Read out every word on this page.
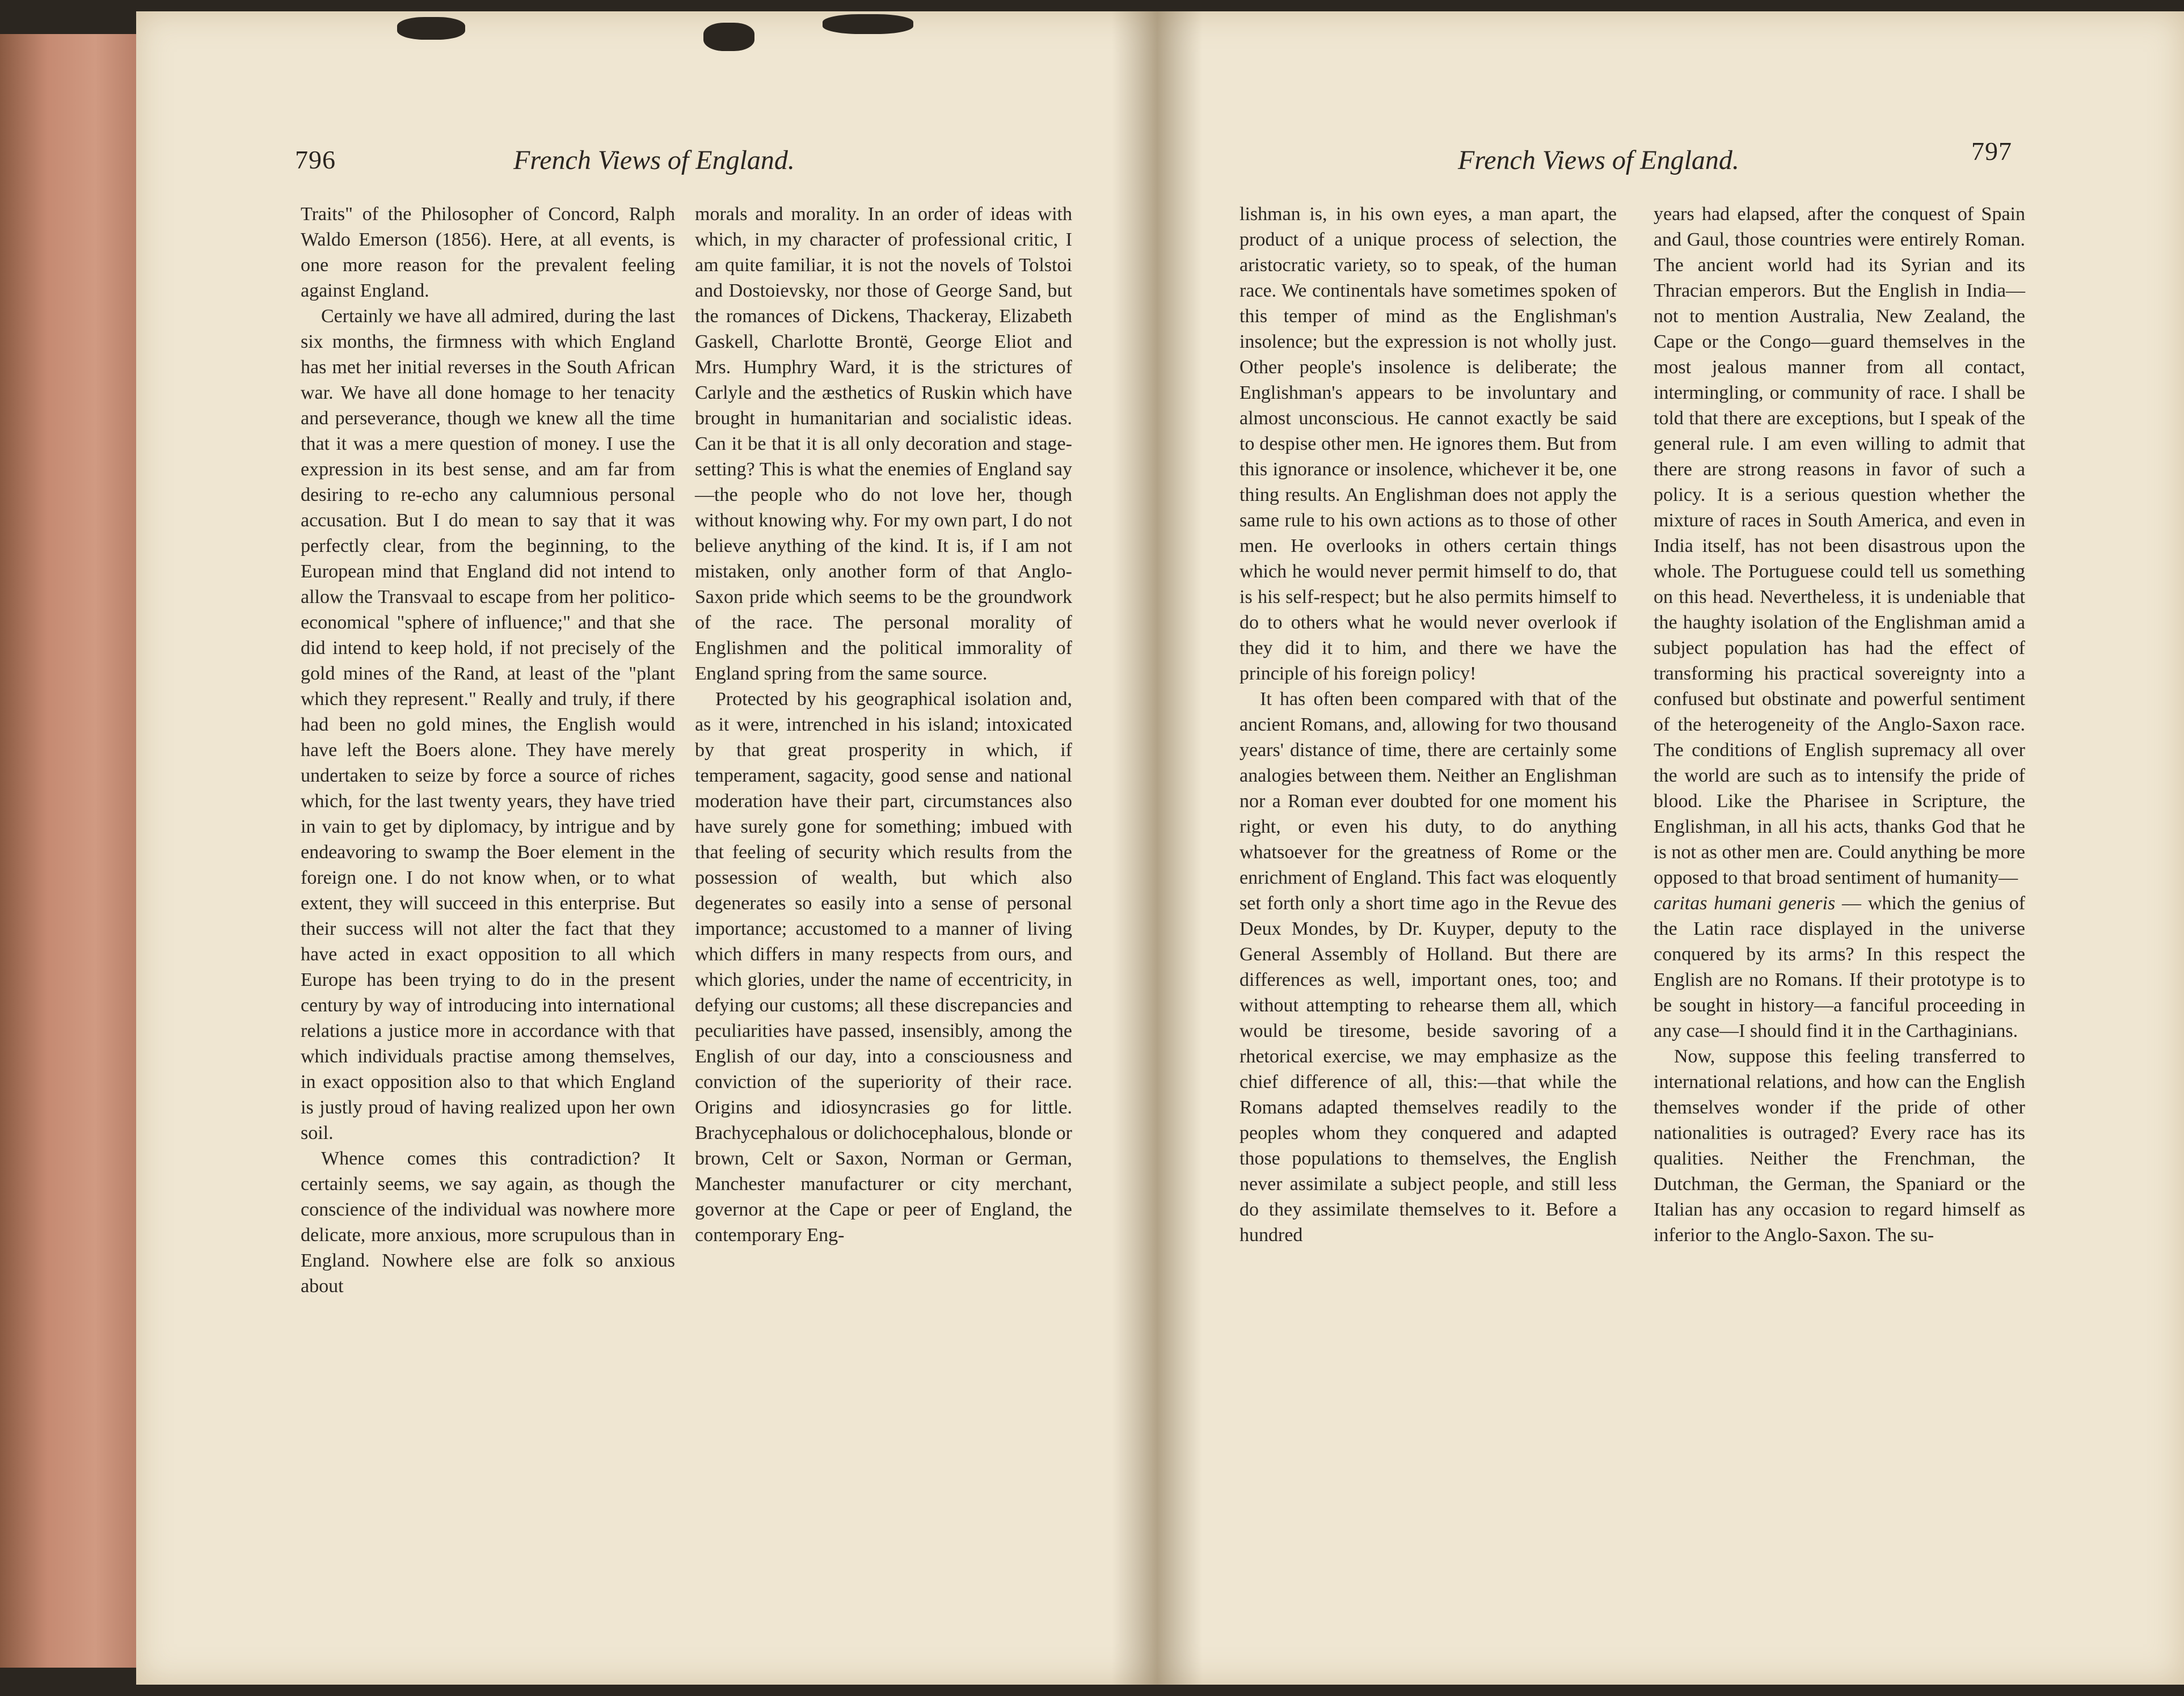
796	French Views of England.	French Views of England.	797

Traits" of the Philosopher of Concord, Ralph Waldo Emerson (1856). Here, at all events, is one more reason for the prevalent feeling against England.

Certainly we have all admired, during the last six months, the firmness with which England has met her initial reverses in the South African war. We have all done homage to her tenacity and perseverance, though we knew all the time that it was a mere question of money. I use the expression in its best sense, and am far from desiring to re-echo any calumnious personal accusation. But I do mean to say that it was perfectly clear, from the beginning, to the European mind that England did not intend to allow the Transvaal to escape from her politico-economical "sphere of influence;" and that she did intend to keep hold, if not precisely of the gold mines of the Rand, at least of the "plant which they represent." Really and truly, if there had been no gold mines, the English would have left the Boers alone. They have merely undertaken to seize by force a source of riches which, for the last twenty years, they have tried in vain to get by diplomacy, by intrigue and by endeavoring to swamp the Boer element in the foreign one. I do not know when, or to what extent, they will succeed in this enterprise. But their success will not alter the fact that they have acted in exact opposition to all which Europe has been trying to do in the present century by way of introducing into international relations a justice more in accordance with that which individuals practise among themselves, in exact opposition also to that which England is justly proud of having realized upon her own soil.

Whence comes this contradiction? It certainly seems, we say again, as though the conscience of the individual was nowhere more delicate, more anxious, more scrupulous than in England. Nowhere else are folk so anxious about

morals and morality. In an order of ideas with which, in my character of professional critic, I am quite familiar, it is not the novels of Tolstoi and Dostoievsky, nor those of George Sand, but the romances of Dickens, Thackeray, Elizabeth Gaskell, Charlotte Brontë, George Eliot and Mrs. Humphry Ward, it is the strictures of Carlyle and the æsthetics of Ruskin which have brought in humanitarian and socialistic ideas. Can it be that it is all only decoration and stage-setting? This is what the enemies of England say—the people who do not love her, though without knowing why. For my own part, I do not believe anything of the kind. It is, if I am not mistaken, only another form of that Anglo-Saxon pride which seems to be the groundwork of the race. The personal morality of Englishmen and the political immorality of England spring from the same source.

Protected by his geographical isolation and, as it were, intrenched in his island; intoxicated by that great prosperity in which, if temperament, sagacity, good sense and national moderation have their part, circumstances also have surely gone for something; imbued with that feeling of security which results from the possession of wealth, but which also degenerates so easily into a sense of personal importance; accustomed to a manner of living which differs in many respects from ours, and which glories, under the name of eccentricity, in defying our customs; all these discrepancies and peculiarities have passed, insensibly, among the English of our day, into a consciousness and conviction of the superiority of their race. Origins and idiosyncrasies go for little. Brachycephalous or dolichocephalous, blonde or brown, Celt or Saxon, Norman or German, Manchester manufacturer or city merchant, governor at the Cape or peer of England, the contemporary Eng-

lishman is, in his own eyes, a man apart, the product of a unique process of selection, the aristocratic variety, so to speak, of the human race. We continentals have sometimes spoken of this temper of mind as the Englishman's insolence; but the expression is not wholly just. Other people's insolence is deliberate; the Englishman's appears to be involuntary and almost unconscious. He cannot exactly be said to despise other men. He ignores them. But from this ignorance or insolence, whichever it be, one thing results. An Englishman does not apply the same rule to his own actions as to those of other men. He overlooks in others certain things which he would never permit himself to do, that is his self-respect; but he also permits himself to do to others what he would never overlook if they did it to him, and there we have the principle of his foreign policy!

It has often been compared with that of the ancient Romans, and, allowing for two thousand years' distance of time, there are certainly some analogies between them. Neither an Englishman nor a Roman ever doubted for one moment his right, or even his duty, to do anything whatsoever for the greatness of Rome or the enrichment of England. This fact was eloquently set forth only a short time ago in the Revue des Deux Mondes, by Dr. Kuyper, deputy to the General Assembly of Holland. But there are differences as well, important ones, too; and without attempting to rehearse them all, which would be tiresome, beside savoring of a rhetorical exercise, we may emphasize as the chief difference of all, this:—that while the Romans adapted themselves readily to the peoples whom they conquered and adapted those populations to themselves, the English never assimilate a subject people, and still less do they assimilate themselves to it. Before a hundred

years had elapsed, after the conquest of Spain and Gaul, those countries were entirely Roman. The ancient world had its Syrian and its Thracian emperors. But the English in India—not to mention Australia, New Zealand, the Cape or the Congo—guard themselves in the most jealous manner from all contact, intermingling, or community of race. I shall be told that there are exceptions, but I speak of the general rule. I am even willing to admit that there are strong reasons in favor of such a policy. It is a serious question whether the mixture of races in South America, and even in India itself, has not been disastrous upon the whole. The Portuguese could tell us something on this head. Nevertheless, it is undeniable that the haughty isolation of the Englishman amid a subject population has had the effect of transforming his practical sovereignty into a confused but obstinate and powerful sentiment of the heterogeneity of the Anglo-Saxon race. The conditions of English supremacy all over the world are such as to intensify the pride of blood. Like the Pharisee in Scripture, the Englishman, in all his acts, thanks God that he is not as other men are. Could anything be more opposed to that broad sentiment of humanity—

caritas humani generis — which the genius of the Latin race displayed in the universe conquered by its arms? In this respect the English are no Romans. If their prototype is to be sought in history—a fanciful proceeding in any case—I should find it in the Carthaginians.

Now, suppose this feeling transferred to international relations, and how can the English themselves wonder if the pride of other nationalities is outraged? Every race has its qualities. Neither the Frenchman, the Dutchman, the German, the Spaniard or the Italian has any occasion to regard himself as inferior to the Anglo-Saxon. The su-
